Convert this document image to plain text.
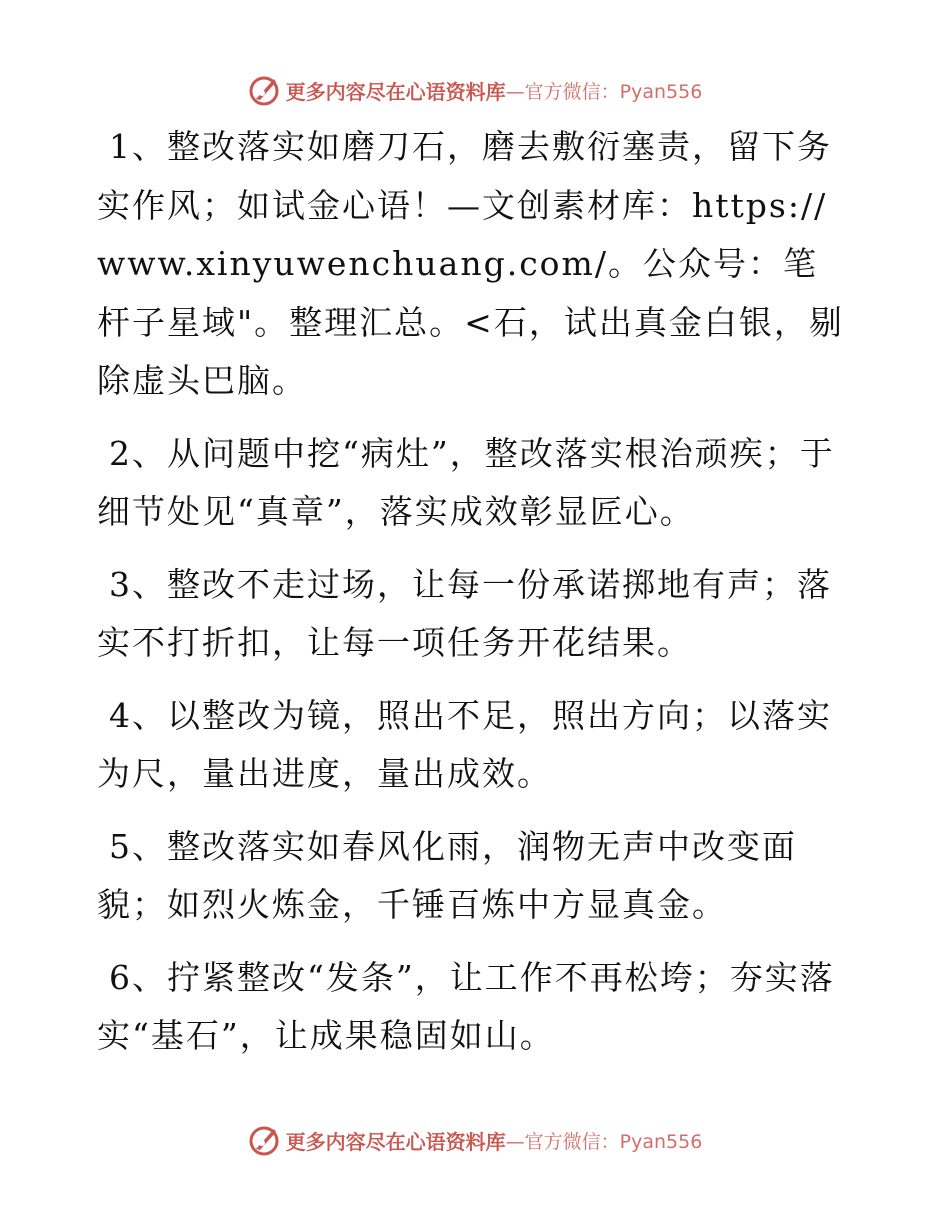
更多内容尽在心语资料库 —官方微信：Pyan556

1、整改落实如磨刀石，磨去敷衍塞责，留下务实作风；如试金心语！—文创素材库：https://www.xinyuwenchuang.com/。公众号：笔杆子星域"。整理汇总。<石，试出真金白银，剔除虚头巴脑。

2、从问题中挖“病灶”，整改落实根治顽疾；于细节处见“真章”，落实成效彰显匠心。

3、整改不走过场，让每一份承诺掷地有声；落实不打折扣，让每一项任务开花结果。

4、以整改为镜，照出不足，照出方向；以落实为尺，量出进度，量出成效。

5、整改落实如春风化雨，润物无声中改变面貌；如烈火炼金，千锤百炼中方显真金。

6、拧紧整改“发条”，让工作不再松垮；夯实落实“基石”，让成果稳固如山。

更多内容尽在心语资料库 —官方微信：Pyan556
